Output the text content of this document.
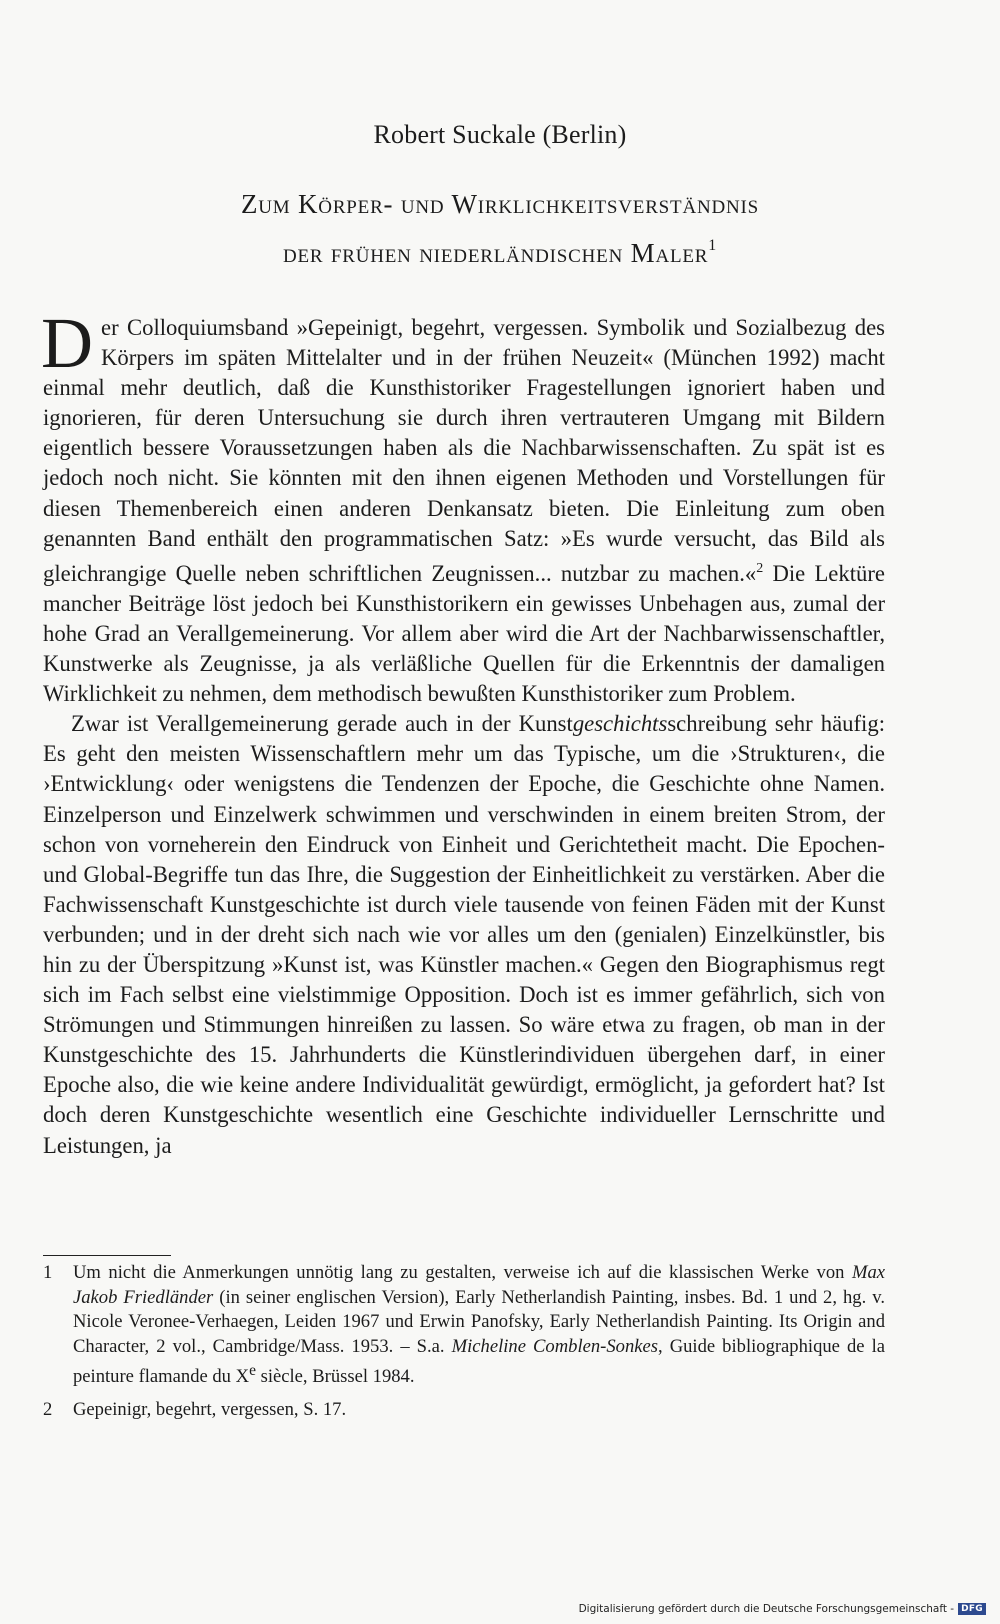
Robert Suckale (Berlin)
Zum Körper- und Wirklichkeitsverständnis
der frühen niederländischen Maler$^1$

Der Colloquiumsband »Gepeinigt, begehrt, vergessen. Symbolik und Sozialbezug des Körpers im späten Mittelalter und in der frühen Neuzeit« (München 1992) macht einmal mehr deutlich, daß die Kunsthistoriker Fragestellungen ignoriert haben und ignorieren, für deren Untersuchung sie durch ihren vertrauteren Umgang mit Bildern eigentlich bessere Voraussetzungen haben als die Nachbarwissenschaften. Zu spät ist es jedoch noch nicht. Sie könnten mit den ihnen eigenen Methoden und Vorstellungen für diesen Themenbereich einen anderen Denkansatz bieten. Die Einleitung zum oben genannten Band enthält den programmatischen Satz: »Es wurde versucht, das Bild als gleichrangige Quelle neben schriftlichen Zeugnissen... nutzbar zu machen.«$^2$ Die Lektüre mancher Beiträge löst jedoch bei Kunsthistorikern ein gewisses Unbehagen aus, zumal der hohe Grad an Verallgemeinerung. Vor allem aber wird die Art der Nachbarwissenschaftler, Kunstwerke als Zeugnisse, ja als verläßliche Quellen für die Erkenntnis der damaligen Wirklichkeit zu nehmen, dem methodisch bewußten Kunsthistoriker zum Problem.

Zwar ist Verallgemeinerung gerade auch in der Kunstgeschichtsschreibung sehr häufig: Es geht den meisten Wissenschaftlern mehr um das Typische, um die ›Strukturen‹, die ›Entwicklung‹ oder wenigstens die Tendenzen der Epoche, die Geschichte ohne Namen. Einzelperson und Einzelwerk schwimmen und verschwinden in einem breiten Strom, der schon von vorneherein den Eindruck von Einheit und Gerichtetheit macht. Die Epochen- und Global-Begriffe tun das Ihre, die Suggestion der Einheitlichkeit zu verstärken. Aber die Fachwissenschaft Kunstgeschichte ist durch viele tausende von feinen Fäden mit der Kunst verbunden; und in der dreht sich nach wie vor alles um den (genialen) Einzelkünstler, bis hin zu der Überspitzung »Kunst ist, was Künstler machen.« Gegen den Biographismus regt sich im Fach selbst eine vielstimmige Opposition. Doch ist es immer gefährlich, sich von Strömungen und Stimmungen hinreißen zu lassen. So wäre etwa zu fragen, ob man in der Kunstgeschichte des 15. Jahrhunderts die Künstlerindividuen übergehen darf, in einer Epoche also, die wie keine andere Individualität gewürdigt, ermöglicht, ja gefordert hat? Ist doch deren Kunstgeschichte wesentlich eine Geschichte individueller Lernschritte und Leistungen, ja

1	Um nicht die Anmerkungen unnötig lang zu gestalten, verweise ich auf die klassischen Werke von Max Jakob Friedländer (in seiner englischen Version), Early Netherlandish Painting, insbes. Bd. 1 und 2, hg. v. Nicole Veronee-Verhaegen, Leiden 1967 und Erwin Panofsky, Early Netherlandish Painting. Its Origin and Character, 2 vol., Cambridge/Mass. 1953. – S.a. Micheline Comblen-Sonkes, Guide bibliographique de la peinture flamande du Xe siècle, Brüssel 1984.
2	Gepeinigr, begehrt, vergessen, S. 17.
Digitalisierung gefördert durch die Deutsche Forschungsgemeinschaft - DFG
